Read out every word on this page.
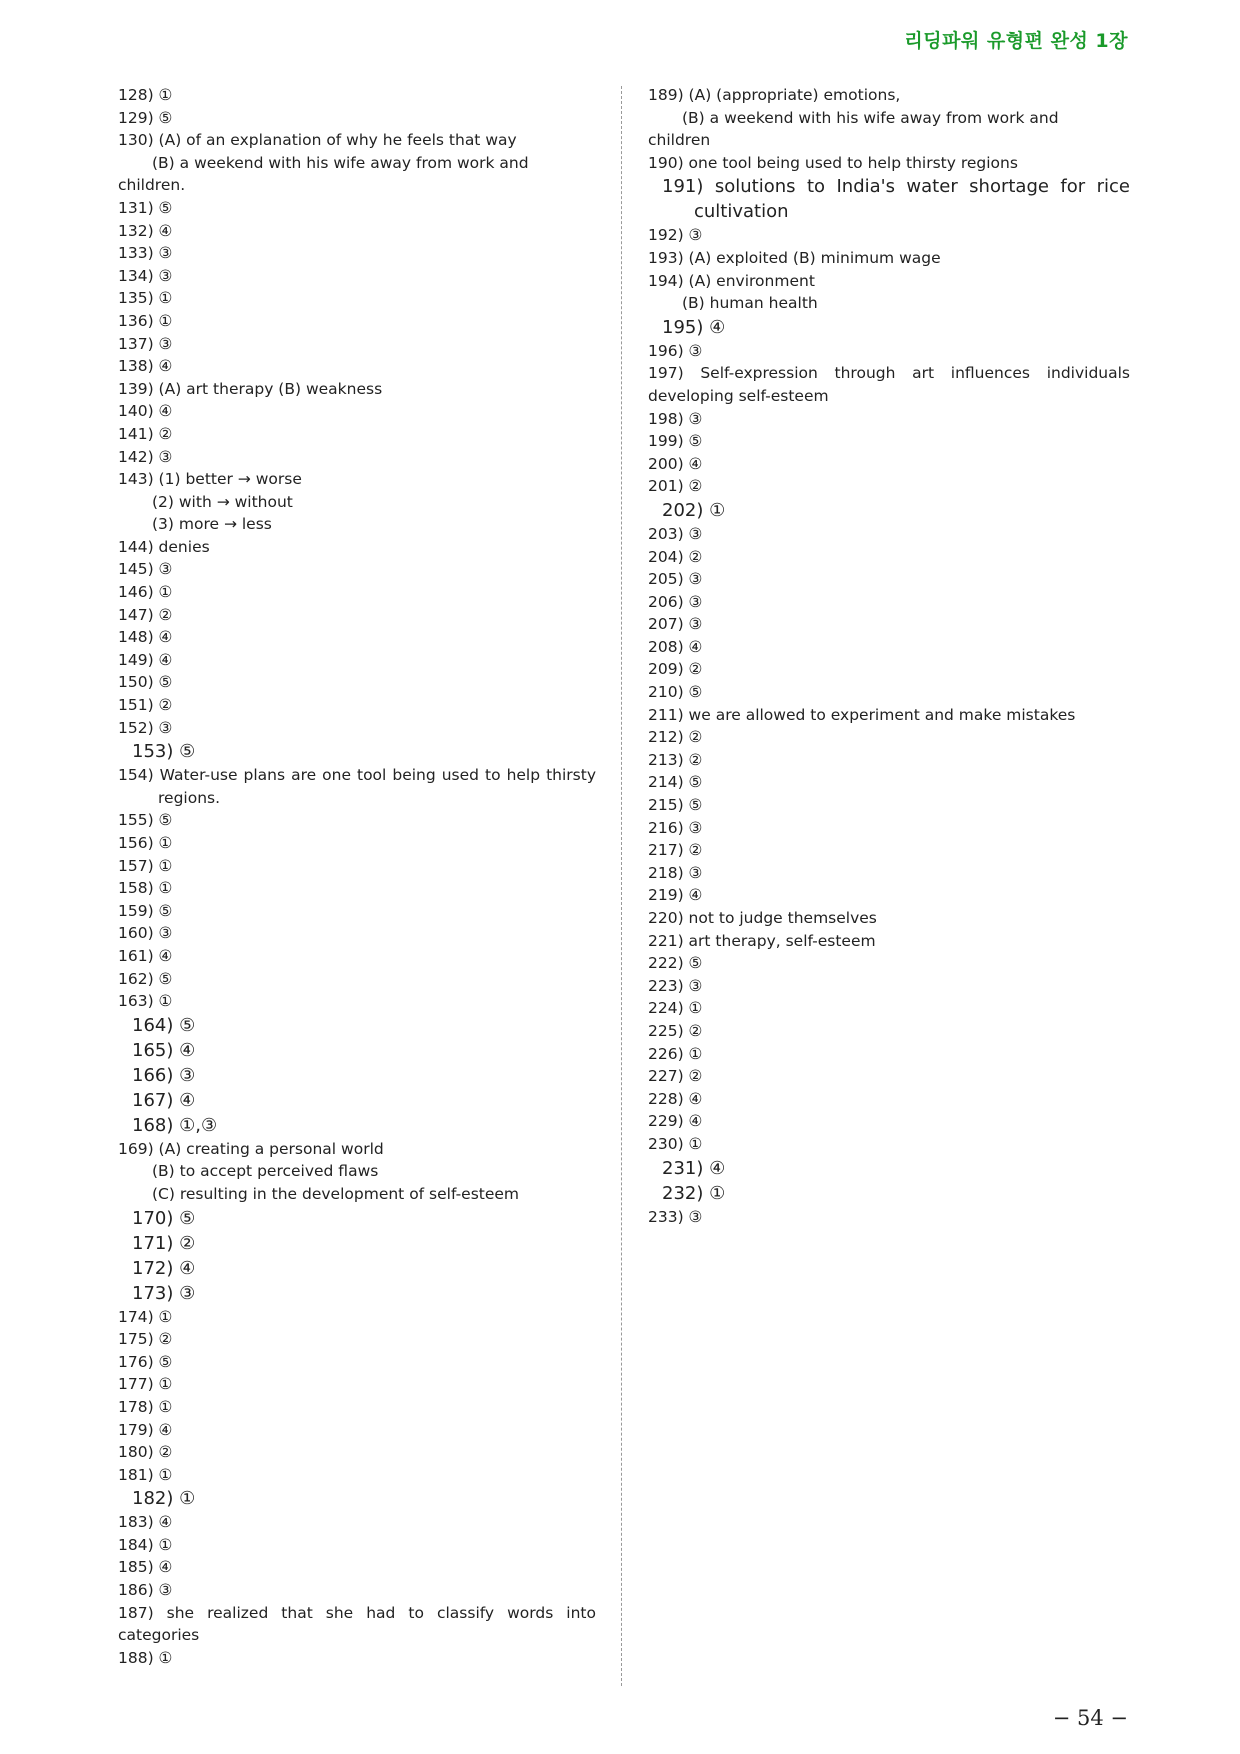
리딩파워 유형편 완성 1장
128) ①
129) ⑤
130) (A) of an explanation of why he feels that way
(B) a weekend with his wife away from work and
children.
131) ⑤
132) ④
133) ③
134) ③
135) ①
136) ①
137) ③
138) ④
139) (A) art therapy (B) weakness
140) ④
141) ②
142) ③
143) (1) better → worse
(2) with → without
(3) more → less
144) denies
145) ③
146) ①
147) ②
148) ④
149) ④
150) ⑤
151) ②
152) ③
153) ⑤
154) Water-use plans are one tool being used to help thirsty regions.
155) ⑤
156) ①
157) ①
158) ①
159) ⑤
160) ③
161) ④
162) ⑤
163) ①
164) ⑤
165) ④
166) ③
167) ④
168) ①,③
169) (A) creating a personal world
(B) to accept perceived flaws
(C) resulting in the development of self-esteem
170) ⑤
171) ②
172) ④
173) ③
174) ①
175) ②
176) ⑤
177) ①
178) ①
179) ④
180) ②
181) ①
182) ①
183) ④
184) ①
185) ④
186) ③
187) she realized that she had to classify words into categories
188) ①
189) (A) (appropriate) emotions,
(B) a weekend with his wife away from work and
children
190) one tool being used to help thirsty regions
191) solutions to India's water shortage for rice cultivation
192) ③
193) (A) exploited (B) minimum wage
194) (A) environment
(B) human health
195) ④
196) ③
197) Self-expression through art influences individuals developing self-esteem
198) ③
199) ⑤
200) ④
201) ②
202) ①
203) ③
204) ②
205) ③
206) ③
207) ③
208) ④
209) ②
210) ⑤
211) we are allowed to experiment and make mistakes
212) ②
213) ②
214) ⑤
215) ⑤
216) ③
217) ②
218) ③
219) ④
220) not to judge themselves
221) art therapy, self-esteem
222) ⑤
223) ③
224) ①
225) ②
226) ①
227) ②
228) ④
229) ④
230) ①
231) ④
232) ①
233) ③
− 54 −
